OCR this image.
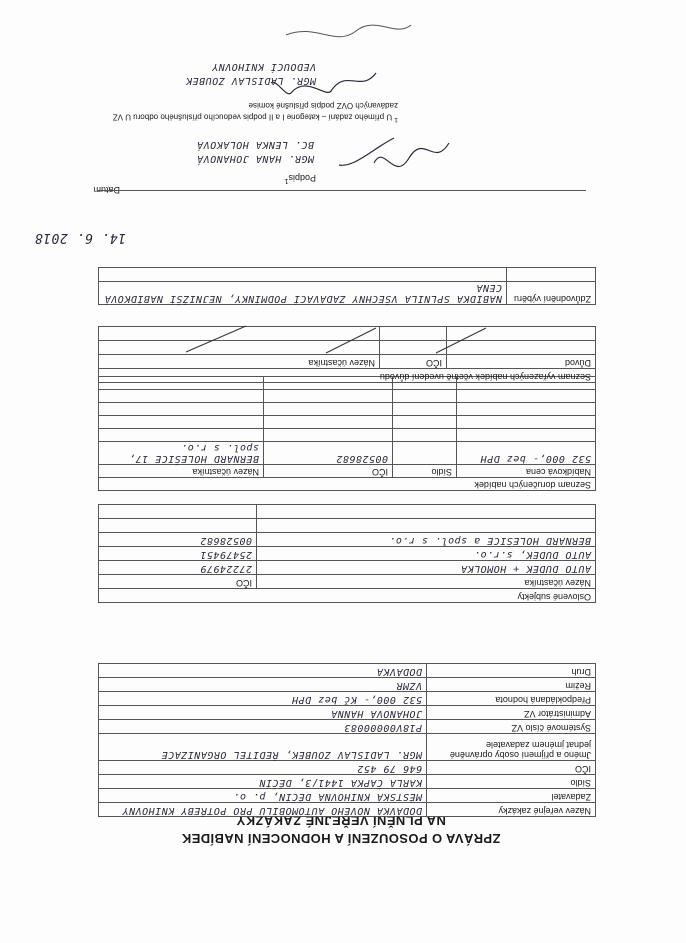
ZPRÁVA O POSOUZENÍ A HODNOCENÍ NABÍDEK
NA PLNĚNÍ VEŘEJNÉ ZAKÁZKY
Název veřejné zakázky	DODÁVKA NOVÉHO AUTOMOBILU PRO POTŘEBY KNIHOVNY
Zadavatel	MĚSTSKÁ KNIHOVNA DĚČÍN, p. o.
Sídlo	KARLA ČAPKA 1441/3, DĚČÍN
IČO	646 79 452
Jméno a příjmení osoby oprávněné jednat jménem zadavatele	MGR. LADISLAV ZOUBEK, ŘEDITEL ORGANIZACE
Systémové číslo VZ	P18V00000083
Administrátor VZ	JOHANOVÁ HANNA
Předpokládaná hodnota	532 000,- Kč bez DPH
Režim	VZMR
Druh	DODÁVKA
Oslovené subjekty	
Název účastníka	IČO
AUTO DUDEK + HOMOLKA	27224979
AUTO DUDEK, s.r.o.	25479451
BERNARD HOLEŠICE a spol. s r.o.	00528682

Seznam doručených nabídek			
Nabídková cena	Sídlo	IČO	Název účastníka
532 000,- bez DPH		00528682	BERNARD HOLEŠICE 17, spol. s r.o.

Seznam vyřazených nabídek včetně uvedení důvodu		
Důvod	IČO	Název účastníka

Zdůvodnění výběru	NABÍDKA SPLNILA VŠECHNY ZADÁVACÍ PODMÍNKY, NEJNIŽŠÍ NABÍDKOVÁ CENA

14. 6. 2018
Datum
Podpis$^1$
MGR. HANA JOHANOVÁ
BC. LENKA HOLAKOVÁ
$^1$ U přímého zadání – kategorie I a II podpis vedoucího příslušného odboru U VZ zadávaných OVZ podpis příslušné komise
MGR. LADISLAV ZOUBEK
VEDOUCÍ KNIHOVNY
